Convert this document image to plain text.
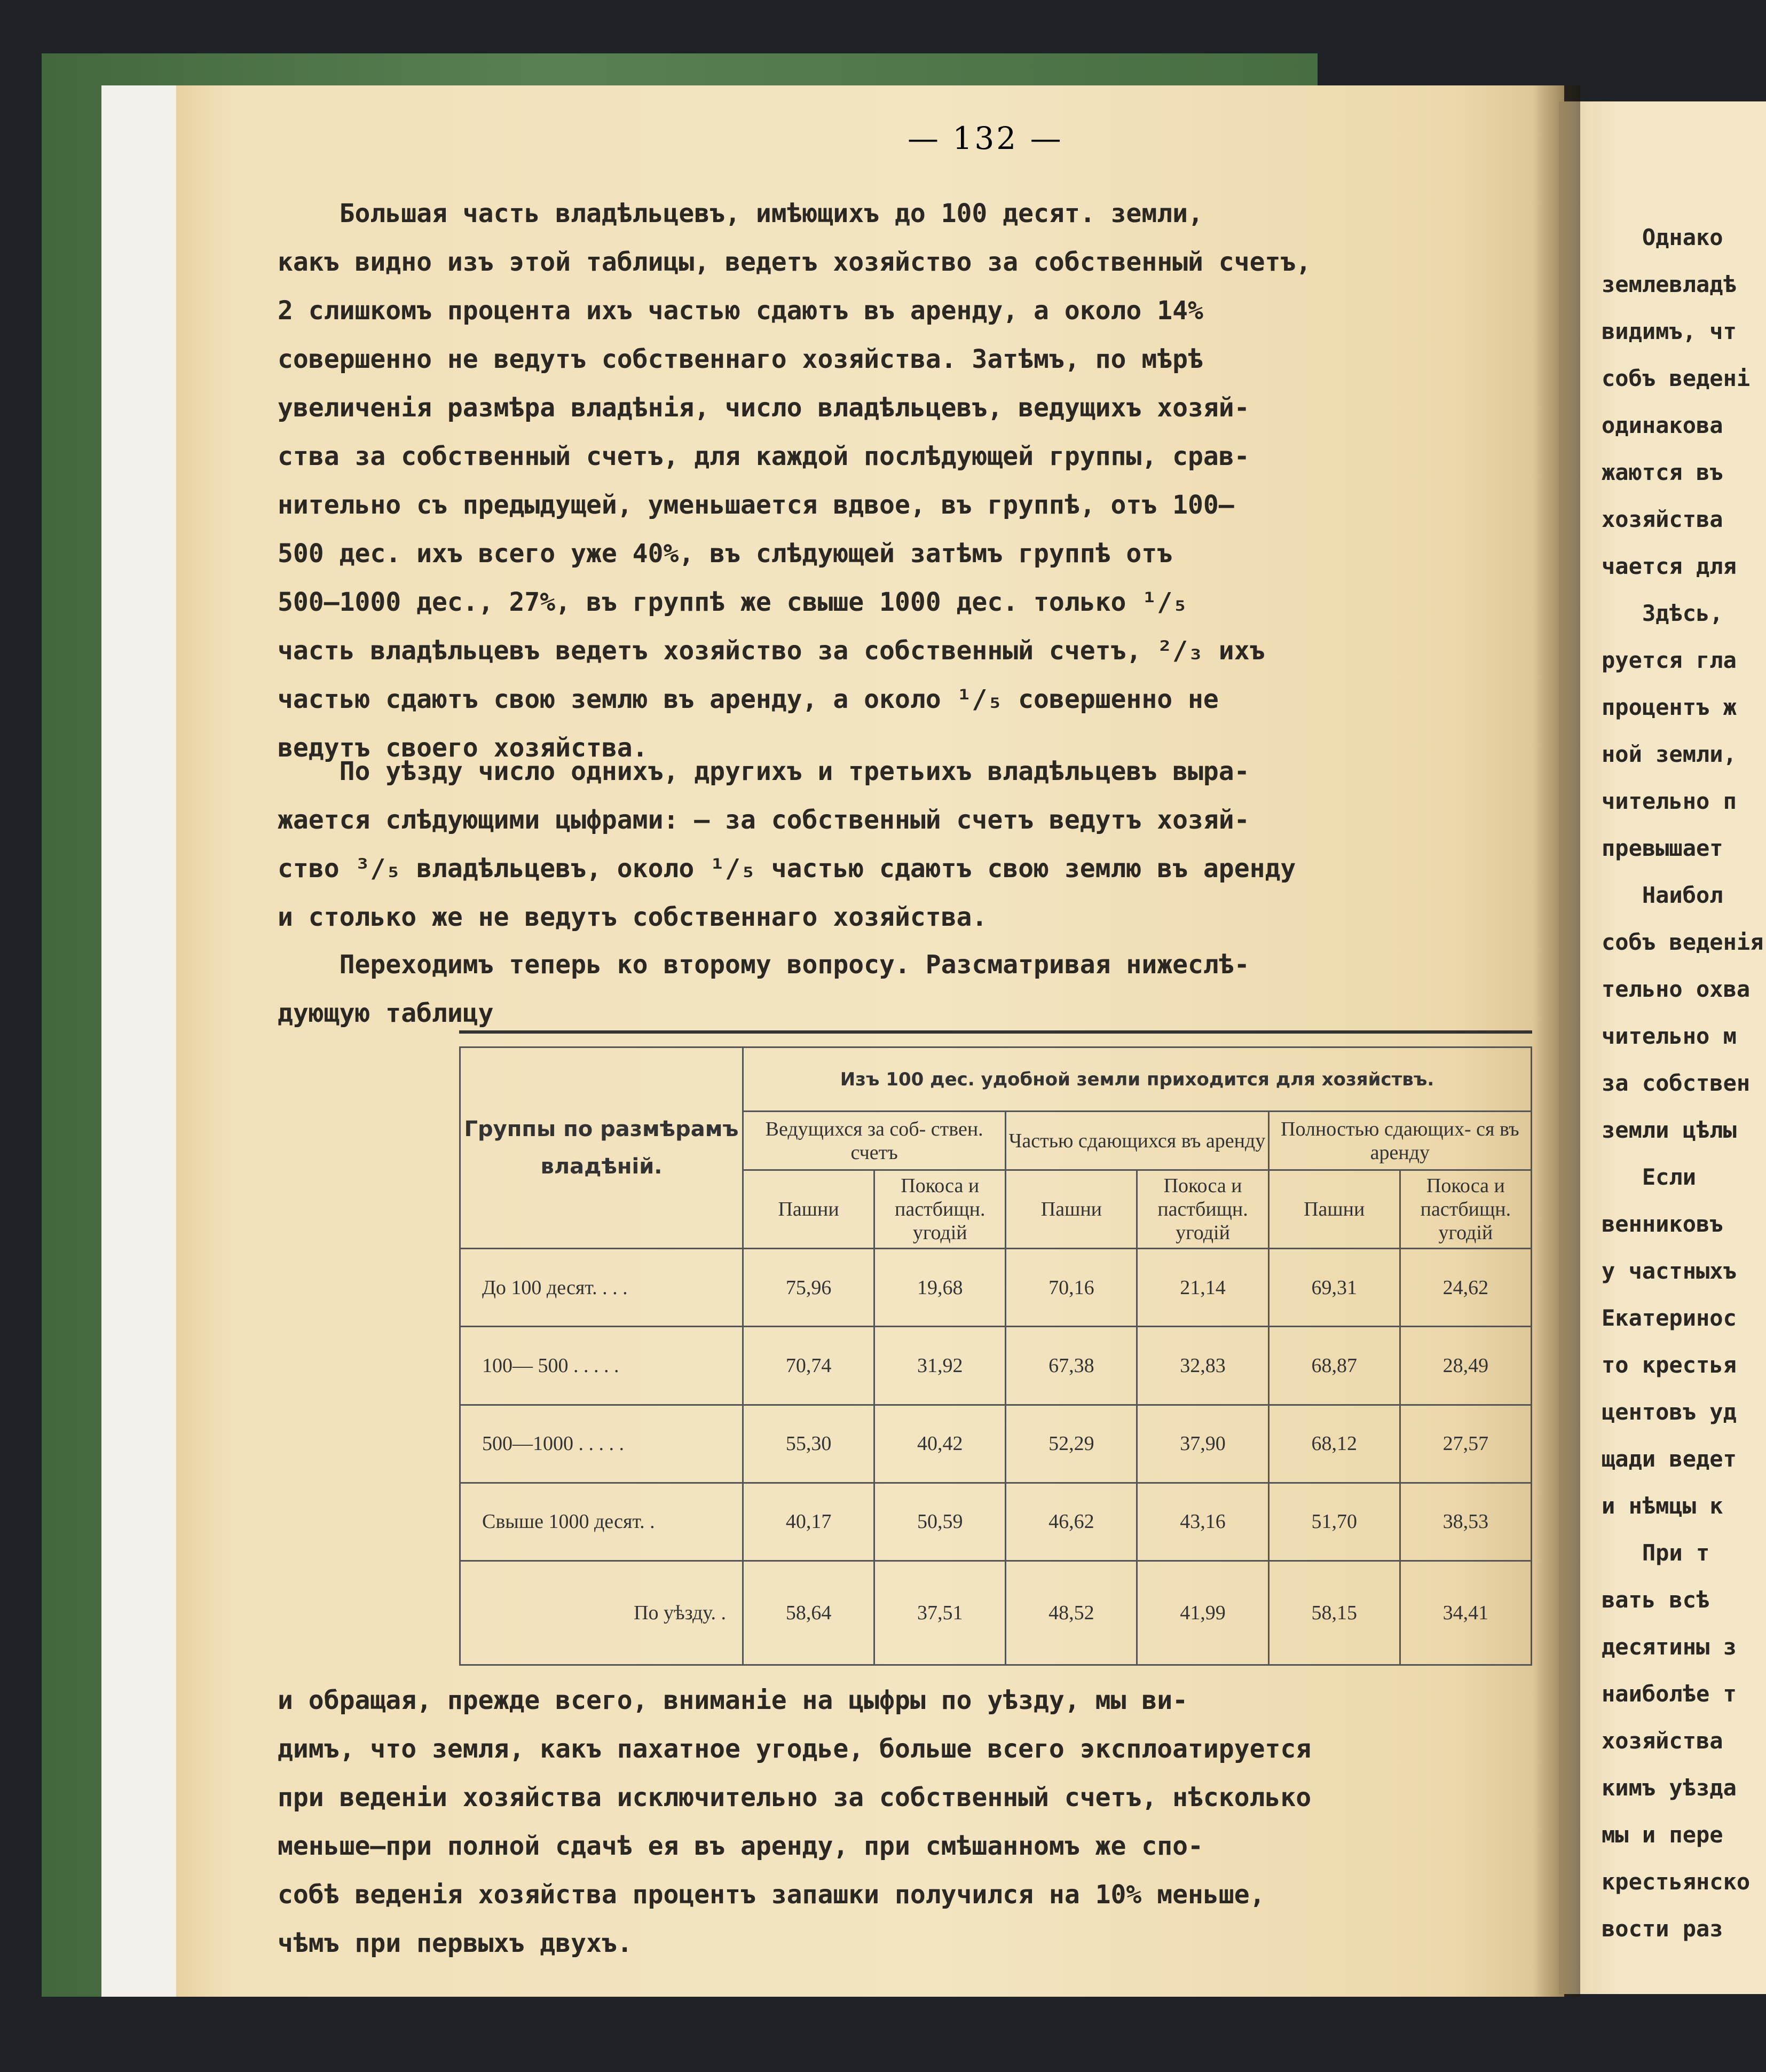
Однако
землевладѣ
видимъ, чт
собъ ведені
одинакова
жаются въ
хозяйства
чается для
Здѣсь,
руется гла
процентъ ж
ной земли,
чительно п
превышает
Наибол
собъ веденія
тельно охва
чительно м
за собствен
земли цѣлы
Если
венниковъ
у частныхъ
Екатеринос
то крестья
центовъ уд
щади ведет
и нѣмцы к
При т
вать всѣ
десятины з
наиболѣе т
хозяйства
кимъ уѣзда
мы и пере
крестьянско
вости раз
— 132 —
Большая часть владѣльцевъ, имѣющихъ до 100 десят. земли,
какъ видно изъ этой таблицы, ведетъ хозяйство за собственный счетъ,
2 слишкомъ процента ихъ частью сдаютъ въ аренду, а около 14%
совершенно не ведутъ собственнаго хозяйства. Затѣмъ, по мѣрѣ
увеличенія размѣра владѣнія, число владѣльцевъ, ведущихъ хозяй-
ства за собственный счетъ, для каждой послѣдующей группы, срав-
нительно съ предыдущей, уменьшается вдвое, въ группѣ, отъ 100—
500 дес. ихъ всего уже 40%, въ слѣдующей затѣмъ группѣ отъ
500—1000 дес., 27%, въ группѣ же свыше 1000 дес. только ¹/₅
часть владѣльцевъ ведетъ хозяйство за собственный счетъ, ²/₃ ихъ
частью сдаютъ свою землю въ аренду, а около ¹/₅ совершенно не
ведутъ своего хозяйства.
По уѣзду число однихъ, другихъ и третьихъ владѣльцевъ выра-
жается слѣдующими цыфрами: — за собственный счетъ ведутъ хозяй-
ство ³/₅ владѣльцевъ, около ¹/₅ частью сдаютъ свою землю въ аренду
и столько же не ведутъ собственнаго хозяйства.
Переходимъ теперь ко второму вопросу. Разсматривая нижеслѣ-
дующую таблицу
Группы по размѣрамъ владѣній.	Изъ 100 дес. удобной земли приходится для хозяйствъ.					
	Ведущихся за соб- ствен. счетъ		Частью сдающихся въ аренду		Полностью сдающих- ся въ аренду	
	Пашни	Покоса и пастбищн. угодій	Пашни	Покоса и пастбищн. угодій	Пашни	Покоса и пастбищн. угодій
До 100 десят. . . .	75,96	19,68	70,16	21,14	69,31	24,62
100— 500 . . . . .	70,74	31,92	67,38	32,83	68,87	28,49
500—1000 . . . . .	55,30	40,42	52,29	37,90	68,12	27,57
Свыше 1000 десят. .	40,17	50,59	46,62	43,16	51,70	38,53
По уѣзду. .	58,64	37,51	48,52	41,99	58,15	34,41
и обращая, прежде всего, вниманіе на цыфры по уѣзду, мы ви-
димъ, что земля, какъ пахатное угодье, больше всего эксплоатируется
при веденіи хозяйства исключительно за собственный счетъ, нѣсколько
меньше—при полной сдачѣ ея въ аренду, при смѣшанномъ же спо-
собѣ веденія хозяйства процентъ запашки получился на 10% меньше,
чѣмъ при первыхъ двухъ.
